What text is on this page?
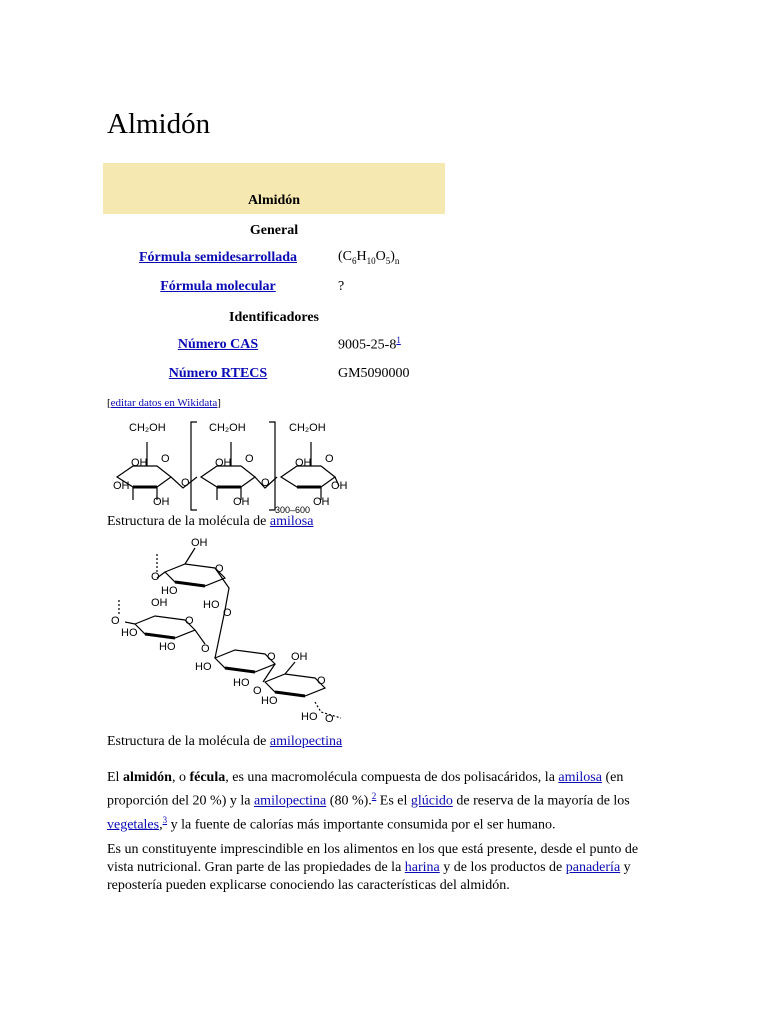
Almidón
Almidón
General
Fórmula semidesarrollada	$(C_6H_{10}O_5)_n$
Fórmula molecular	?
Identificadores
Número CAS	9005-25-8$^1$
Número RTECS	GM5090000
[editar datos en Wikidata]
CH₂OH	CH₂OH	CH₂OH
O	O	O
OH	OH	OH
OH
OH	OH	OH
OH
O	O
300–600
Estructura de la molécula de amilosa
OH
O
O
HO
HO
O
OH
O	O
HO
HO O
O
HO
HO
OH
O
O
HO
HO O
Estructura de la molécula de amilopectina

El almidón, o fécula, es una macromolécula compuesta de dos polisacáridos, la amilosa (en proporción del 20 %) y la amilopectina (80 %).$^2$ Es el glúcido de reserva de la mayoría de los vegetales,$^3$ y la fuente de calorías más importante consumida por el ser humano.

Es un constituyente imprescindible en los alimentos en los que está presente, desde el punto de vista nutricional. Gran parte de las propiedades de la harina y de los productos de panadería y repostería pueden explicarse conociendo las características del almidón.
